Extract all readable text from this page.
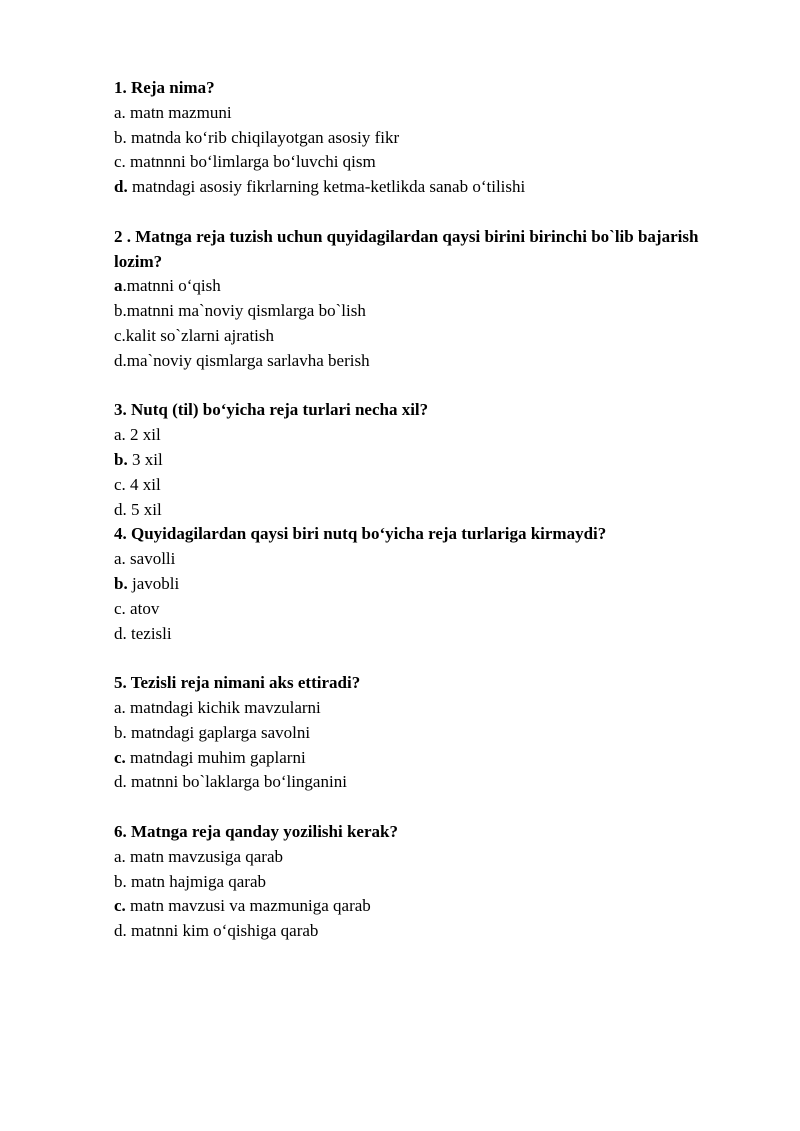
1. Reja nima?
a. matn mazmuni
b. matnda ko‘rib chiqilayotgan asosiy fikr
c. matnnni bo‘limlarga bo‘luvchi qism
d. matndagi asosiy fikrlarning ketma-ketlikda sanab o‘tilishi
2 . Matnga reja tuzish uchun quyidagilardan qaysi birini birinchi bo`lib bajarish lozim?
a.matnni o‘qish
b.matnni ma`noviy qismlarga bo`lish
c.kalit so`zlarni ajratish
d.ma`noviy qismlarga sarlavha berish
3. Nutq (til) bo‘yicha reja turlari necha xil?
a. 2 xil
b. 3 xil
c. 4 xil
d. 5 xil
4. Quyidagilardan qaysi biri nutq bo‘yicha reja turlariga kirmaydi?
a. savolli
b. javobli
c. atov
d. tezisli
5. Tezisli reja nimani aks ettiradi?
a. matndagi kichik mavzularni
b. matndagi gaplarga savolni
c. matndagi muhim gaplarni
d. matnni bo`laklarga bo‘linganini
6. Matnga reja qanday yozilishi kerak?
a. matn mavzusiga qarab
b. matn hajmiga qarab
c. matn mavzusi va mazmuniga qarab
d. matnni kim o‘qishiga qarab
